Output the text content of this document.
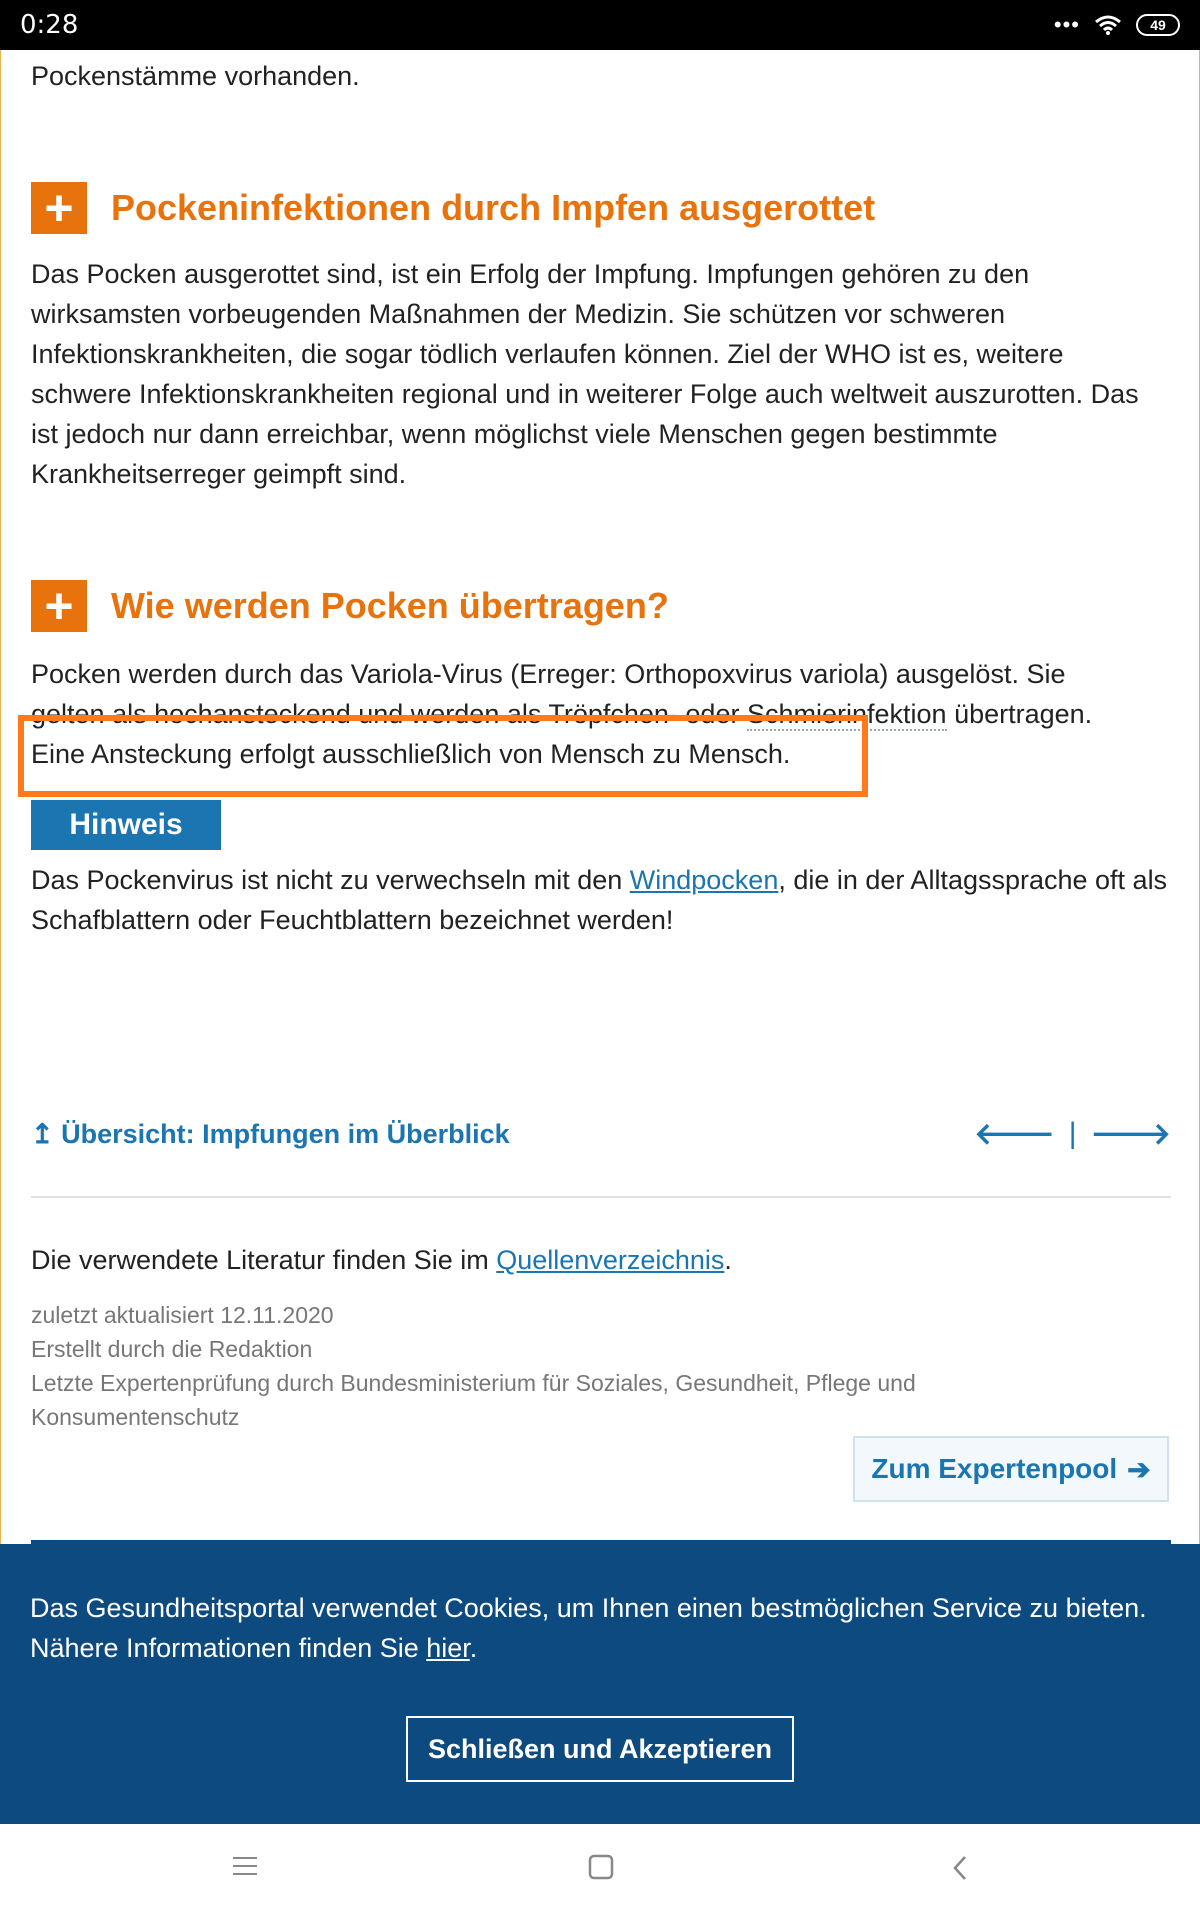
0:28	•••	49

Pockenstämme vorhanden.

+	Pockeninfektionen durch Impfen ausgerottet

Das Pocken ausgerottet sind, ist ein Erfolg der Impfung. Impfungen gehören zu den wirksamsten vorbeugenden Maßnahmen der Medizin. Sie schützen vor schweren Infektionskrankheiten, die sogar tödlich verlaufen können. Ziel der WHO ist es, weitere schwere Infektionskrankheiten regional und in weiterer Folge auch weltweit auszurotten. Das ist jedoch nur dann erreichbar, wenn möglichst viele Menschen gegen bestimmte Krankheitserreger geimpft sind.

+	Wie werden Pocken übertragen?

Pocken werden durch das Variola-Virus (Erreger: Orthopoxvirus variola) ausgelöst. Sie
gelten als hochansteckend und werden als Tröpfchen- oder Schmierinfektion übertragen.
Eine Ansteckung erfolgt ausschließlich von Mensch zu Mensch.

Hinweis

Das Pockenvirus ist nicht zu verwechseln mit den Windpocken, die in der Alltagssprache oft als Schafblattern oder Feuchtblattern bezeichnet werden!

↥ Übersicht: Impfungen im Überblick	🡐 | 🡒

Die verwendete Literatur finden Sie im Quellenverzeichnis.

zuletzt aktualisiert 12.11.2020
Erstellt durch die Redaktion
Letzte Expertenprüfung durch Bundesministerium für Soziales, Gesundheit, Pflege und Konsumentenschutz
Zum Expertenpool ➔
Das Gesundheitsportal verwendet Cookies, um Ihnen einen bestmöglichen Service zu bieten. Nähere Informationen finden Sie hier.
Schließen und Akzeptieren
